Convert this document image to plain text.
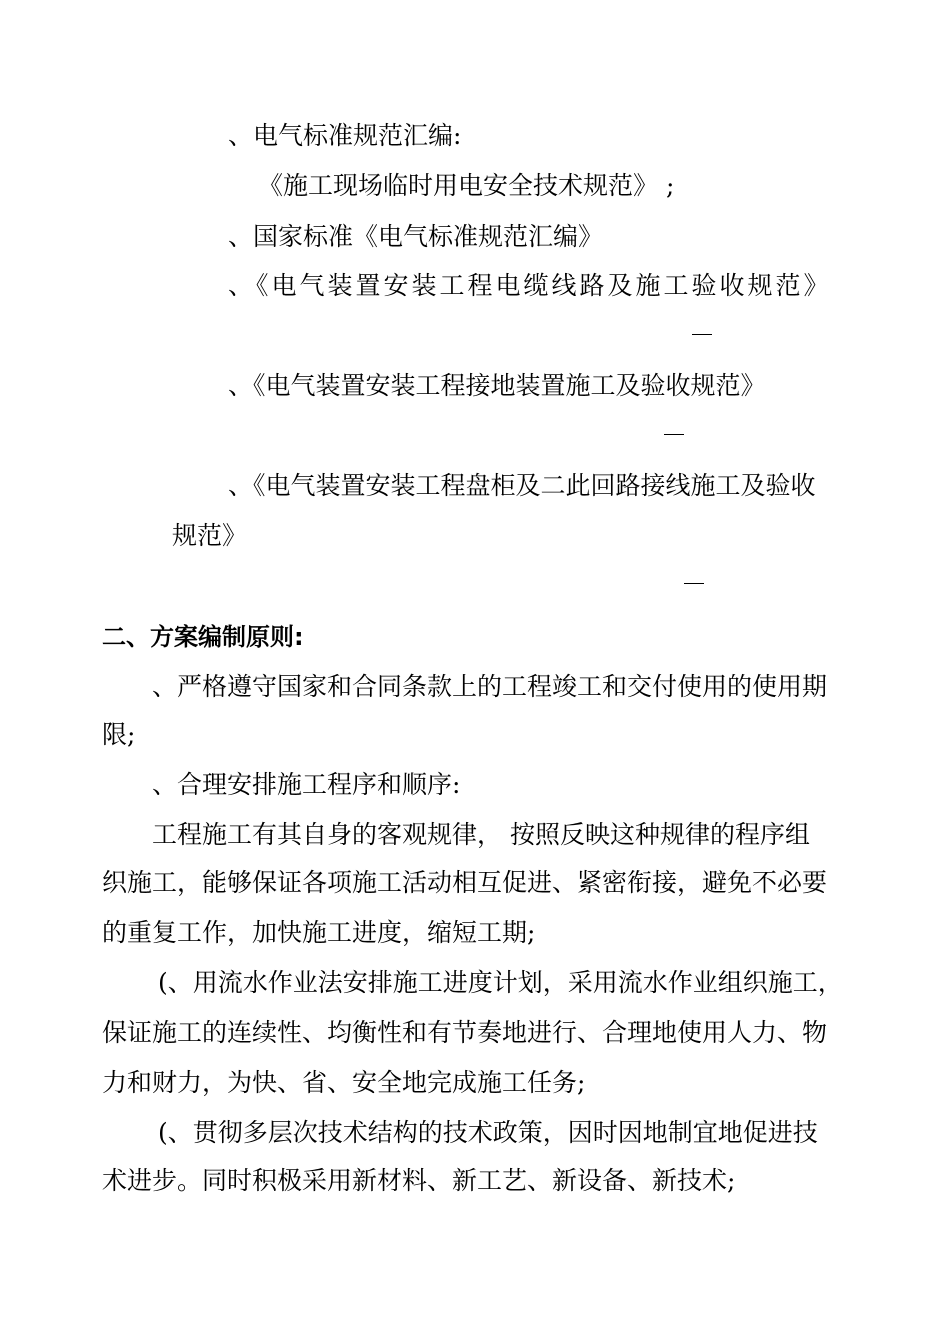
、电气标准规范汇编:
《施工现场临时用电安全技术规范》 ;
、国家标准《电气标准规范汇编》
、《电气装置安装工程电缆线路及施工验收规范》
、《电气装置安装工程接地装置施工及验收规范》
、《电气装置安装工程盘柜及二此回路接线施工及验收
规范》
二、方案编制原则:
、严格遵守国家和合同条款上的工程竣工和交付使用的使用期
限;
、合理安排施工程序和顺序:
工程施工有其自身的客观规律， 按照反映这种规律的程序组
织施工，能够保证各项施工活动相互促进、紧密衔接，避免不必要
的重复工作，加快施工进度，缩短工期;
(、用流水作业法安排施工进度计划，采用流水作业组织施工，
保证施工的连续性、均衡性和有节奏地进行、合理地使用人力、物
力和财力，为快、省、安全地完成施工任务;
(、贯彻多层次技术结构的技术政策，因时因地制宜地促进技
术进步。同时积极采用新材料、新工艺、新设备、新技术;
